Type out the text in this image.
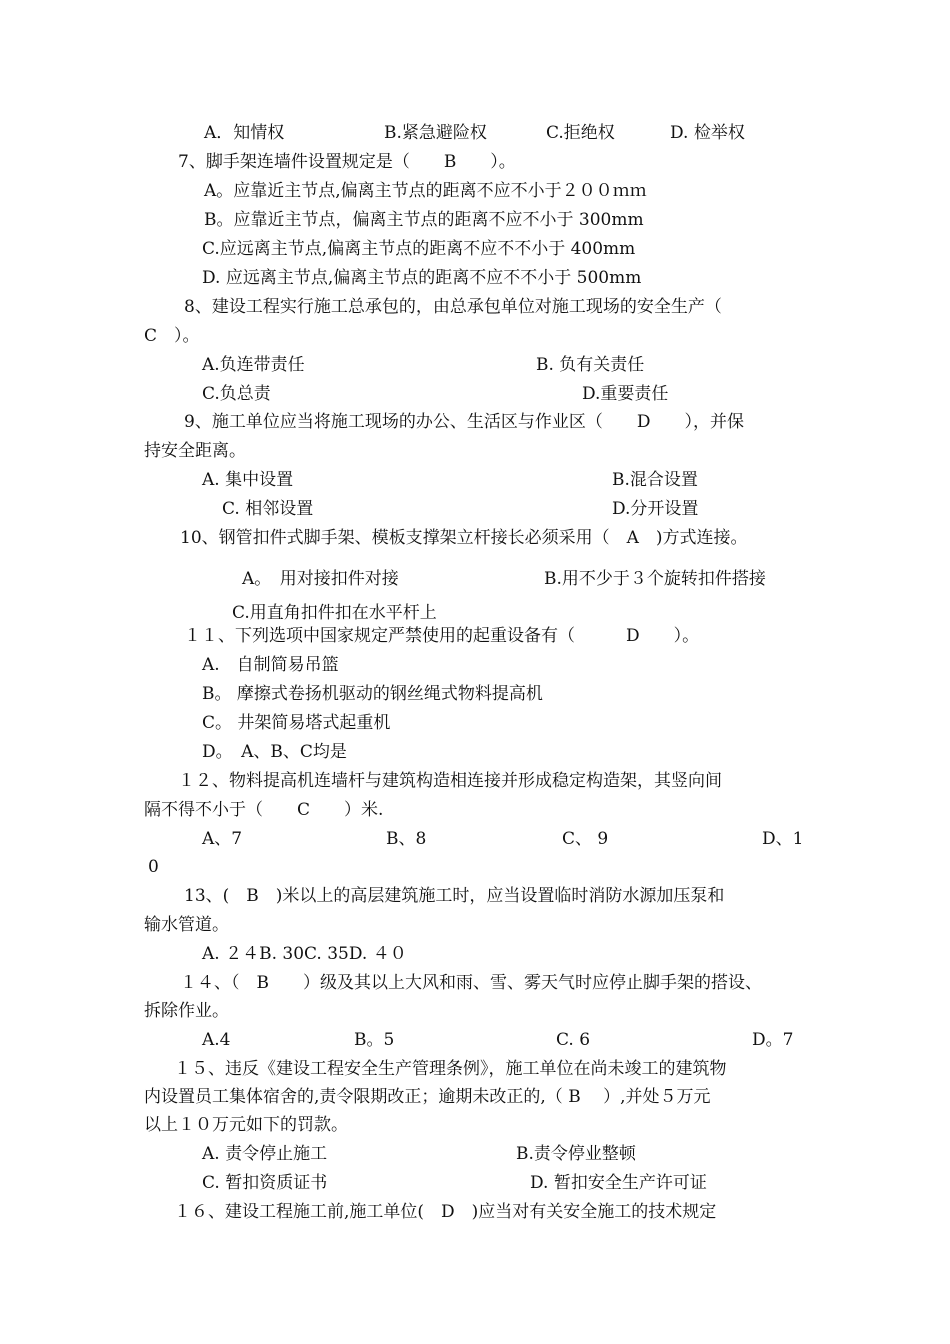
A．知情权	B.紧急避险权	C.拒绝权	D. 检举权
7、脚手架连墙件设置规定是（　　B　　）。
A。应靠近主节点,偏离主节点的距离不应不小于２００ｍｍ
B。应靠近主节点，偏离主节点的距离不应不小于 300mm
C.应远离主节点,偏离主节点的距离不应不不小于 400mm
D. 应远离主节点,偏离主节点的距离不应不不小于 500mm
8、建设工程实行施工总承包的，由总承包单位对施工现场的安全生产（
C　）。
A.负连带责任	B. 负有关责任
C.负总责	D.重要责任
9、施工单位应当将施工现场的办公、生活区与作业区（　　D　　），并保
持安全距离。
A. 集中设置	B.混合设置
C. 相邻设置	D.分开设置
10、钢管扣件式脚手架、模板支撑架立杆接长必须采用（　A　)方式连接。
A。　用对接扣件对接	B.用不少于３个旋转扣件搭接
C.用直角扣件扣在水平杆上
１１、下列选项中国家规定严禁使用的起重设备有（　　　D　　）。
A.　自制简易吊篮
B。 摩擦式卷扬机驱动的钢丝绳式物料提高机
C。 井架简易塔式起重机
D。　A、B、C均是
１２、物料提高机连墙杆与建筑构造相连接并形成稳定构造架，其竖向间
隔不得不小于（　　C　　）米.
A、7	B、8	C、 9	D、1
0
13、(　B　)米以上的高层建筑施工时，应当设置临时消防水源加压泵和
输水管道。
A. ２４B. 30C. 35D. ４０
１４、（　B　　）级及其以上大风和雨、雪、雾天气时应停止脚手架的搭设、
拆除作业。
A.4	B。5	C. 6	D。7
１５、违反《建设工程安全生产管理条例》，施工单位在尚未竣工的建筑物
内设置员工集体宿舍的,责令限期改正；逾期未改正的,（ B　 ）,并处５万元
以上１０万元如下的罚款。
A. 责令停止施工	B.责令停业整顿
C. 暂扣资质证书	D. 暂扣安全生产许可证
１６、建设工程施工前,施工单位(　D　)应当对有关安全施工的技术规定
